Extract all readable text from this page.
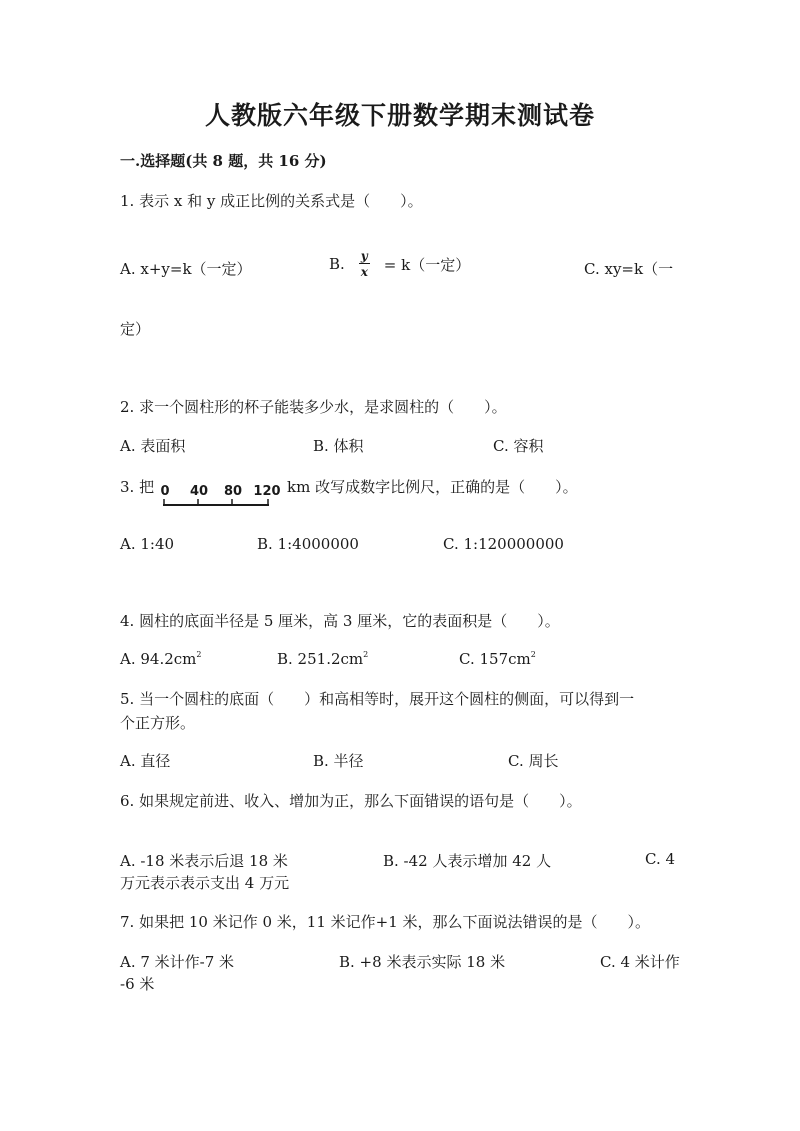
人教版六年级下册数学期末测试卷
一.选择题(共 8 题，共 16 分)
1. 表示 x 和 y 成正比例的关系式是（　　）。
A. x+y=k（一定）	B. $\frac{y}{x} = k$（一定）	C. xy=k（一
定）
2. 求一个圆柱形的杯子能装多少水，是求圆柱的（　　）。
A. 表面积	B. 体积	C. 容积
3. 把 0 40 80 120 km 改写成数字比例尺，正确的是（　　）。
A. 1:40	B. 1:4000000	C. 1:120000000
4. 圆柱的底面半径是 5 厘米，高 3 厘米，它的表面积是（　　）。
A. $94.2cm^2$	B. $251.2cm^2$	C. $157cm^2$
5. 当一个圆柱的底面（　　）和高相等时，展开这个圆柱的侧面，可以得到一
个正方形。
A. 直径	B. 半径	C. 周长
6. 如果规定前进、收入、增加为正，那么下面错误的语句是（　　）。
A. -18 米表示后退 18 米	B. -42 人表示增加 42 人	C. 4
万元表示表示支出 4 万元
7. 如果把 10 米记作 0 米，11 米记作+1 米，那么下面说法错误的是（　　）。
A. 7 米计作-7 米	B. +8 米表示实际 18 米	C. 4 米计作
-6 米
